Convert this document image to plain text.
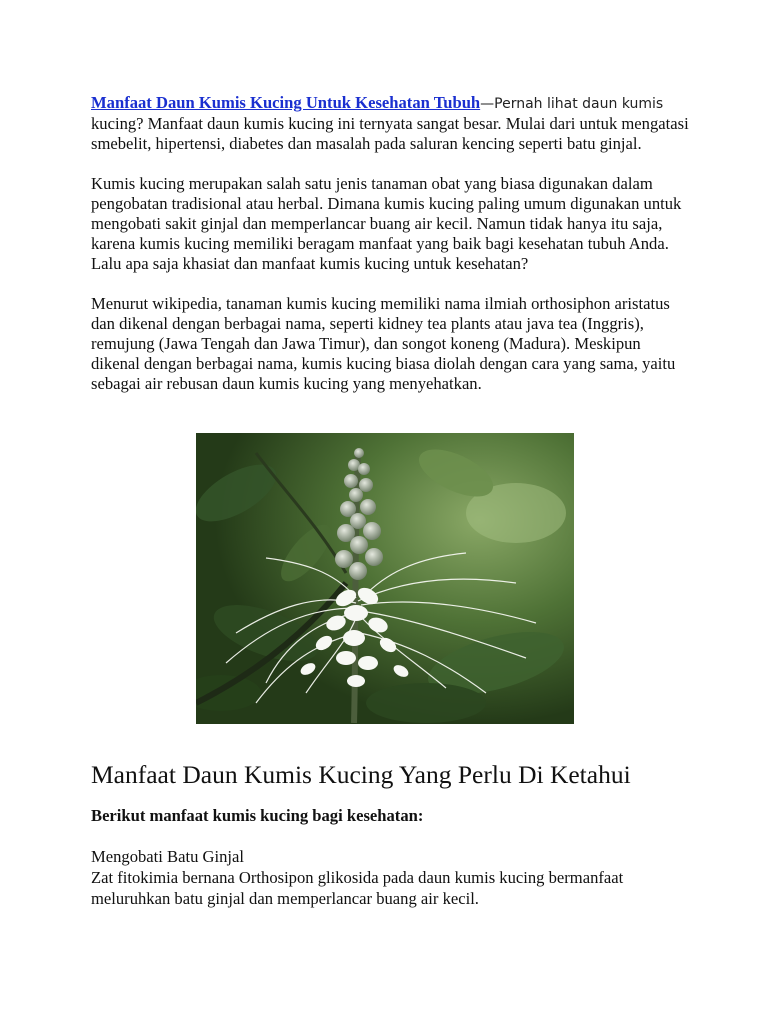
Manfaat Daun Kumis Kucing Untuk Kesehatan Tubuh—Pernah lihat daun kumis kucing? Manfaat daun kumis kucing ini ternyata sangat besar. Mulai dari untuk mengatasi smebelit, hipertensi, diabetes dan masalah pada saluran kencing seperti batu ginjal.

Kumis kucing merupakan salah satu jenis tanaman obat yang biasa digunakan dalam pengobatan tradisional atau herbal. Dimana kumis kucing paling umum digunakan untuk mengobati sakit ginjal dan memperlancar buang air kecil. Namun tidak hanya itu saja, karena kumis kucing memiliki beragam manfaat yang baik bagi kesehatan tubuh Anda. Lalu apa saja khasiat dan manfaat kumis kucing untuk kesehatan?

Menurut wikipedia, tanaman kumis kucing memiliki nama ilmiah orthosiphon aristatus dan dikenal dengan berbagai nama, seperti kidney tea plants atau java tea (Inggris), remujung (Jawa Tengah dan Jawa Timur), dan songot koneng (Madura). Meskipun dikenal dengan berbagai nama, kumis kucing biasa diolah dengan cara yang sama, yaitu sebagai air rebusan daun kumis kucing yang menyehatkan.

Manfaat Daun Kumis Kucing Yang Perlu Di Ketahui

Berikut manfaat kumis kucing bagi kesehatan:

Mengobati Batu Ginjal

Zat fitokimia bernana Orthosipon glikosida pada daun kumis kucing bermanfaat meluruhkan batu ginjal dan memperlancar buang air kecil.
